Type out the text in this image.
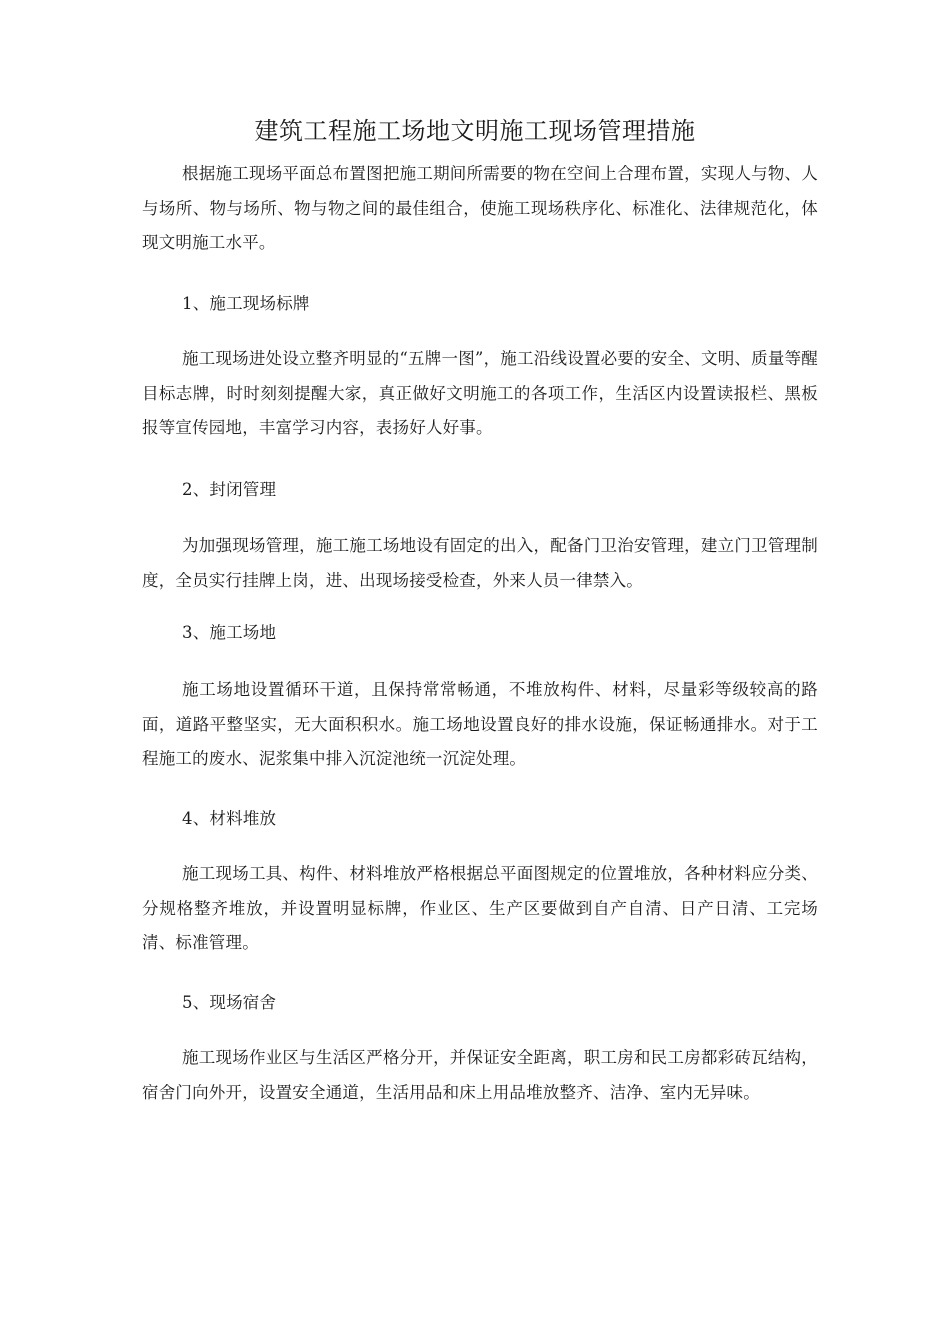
建筑工程施工场地文明施工现场管理措施

根据施工现场平面总布置图把施工期间所需要的物在空间上合理布置，实现人与物、人与场所、物与场所、物与物之间的最佳组合，使施工现场秩序化、标准化、法律规范化，体现文明施工水平。

1、施工现场标牌

施工现场进处设立整齐明显的“五牌一图”，施工沿线设置必要的安全、文明、质量等醒目标志牌，时时刻刻提醒大家，真正做好文明施工的各项工作，生活区内设置读报栏、黑板报等宣传园地，丰富学习内容，表扬好人好事。

2、封闭管理

为加强现场管理，施工施工场地设有固定的出入，配备门卫治安管理，建立门卫管理制度，全员实行挂牌上岗，进、出现场接受检查，外来人员一律禁入。

3、施工场地

施工场地设置循环干道，且保持常常畅通，不堆放构件、材料，尽量彩等级较高的路面，道路平整坚实，无大面积积水。施工场地设置良好的排水设施，保证畅通排水。对于工程施工的废水、泥浆集中排入沉淀池统一沉淀处理。

4、材料堆放

施工现场工具、构件、材料堆放严格根据总平面图规定的位置堆放，各种材料应分类、分规格整齐堆放，并设置明显标牌，作业区、生产区要做到自产自清、日产日清、工完场清、标准管理。

5、现场宿舍

施工现场作业区与生活区严格分开，并保证安全距离，职工房和民工房都彩砖瓦结构，宿舍门向外开，设置安全通道，生活用品和床上用品堆放整齐、洁净、室内无异味。
